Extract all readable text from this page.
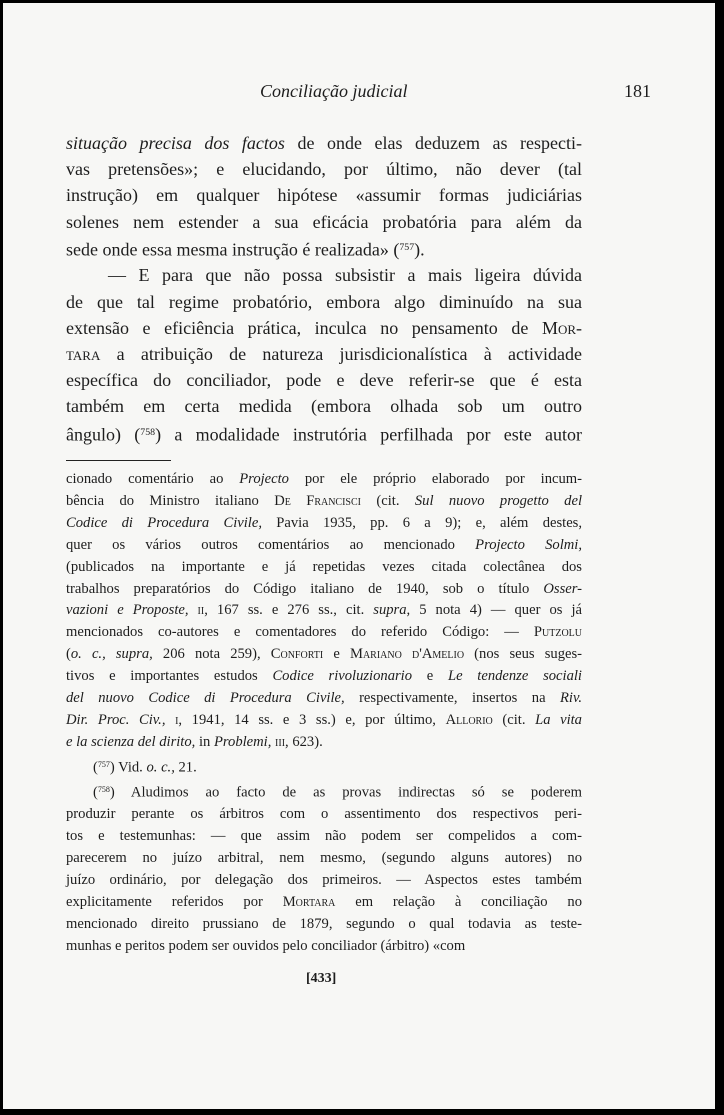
Conciliação judicial	181
situação precisa dos factos de onde elas deduzem as respecti-
vas pretensões»; e elucidando, por último, não dever (tal
instrução) em qualquer hipótese «assumir formas judiciárias
solenes nem estender a sua eficácia probatória para além da
sede onde essa mesma instrução é realizada» ($^{757}$).
— E para que não possa subsistir a mais ligeira dúvida
de que tal regime probatório, embora algo diminuído na sua
extensão e eficiência prática, inculca no pensamento de Mor-
tara a atribuição de natureza jurisdicionalística à actividade
específica do conciliador, pode e deve referir-se que é esta
também em certa medida (embora olhada sob um outro
ângulo) ($^{758}$) a modalidade instrutória perfilhada por este autor
cionado comentário ao Projecto por ele próprio elaborado por incum-
bência do Ministro italiano De Francisci (cit. Sul nuovo progetto del
Codice di Procedura Civile, Pavia 1935, pp. 6 a 9); e, além destes,
quer os vários outros comentários ao mencionado Projecto Solmi,
(publicados na importante e já repetidas vezes citada colectânea dos
trabalhos preparatórios do Código italiano de 1940, sob o título Osser-
vazioni e Proposte, ii, 167 ss. e 276 ss., cit. supra, 5 nota 4) — quer os já
mencionados co-autores e comentadores do referido Código: — Putzolu
(o. c., supra, 206 nota 259), Conforti e Mariano d'Amelio (nos seus suges-
tivos e importantes estudos Codice rivoluzionario e Le tendenze sociali
del nuovo Codice di Procedura Civile, respectivamente, insertos na Riv.
Dir. Proc. Civ., i, 1941, 14 ss. e 3 ss.) e, por último, Allorio (cit. La vita
e la scienza del dirito, in Problemi, iii, 623).
($^{757}$) Vid. o. c., 21.
($^{758}$) Aludimos ao facto de as provas indirectas só se poderem
produzir perante os árbitros com o assentimento dos respectivos peri-
tos e testemunhas: — que assim não podem ser compelidos a com-
parecerem no juízo arbitral, nem mesmo, (segundo alguns autores) no
juízo ordinário, por delegação dos primeiros. — Aspectos estes também
explicitamente referidos por Mortara em relação à conciliação no
mencionado direito prussiano de 1879, segundo o qual todavia as teste-
munhas e peritos podem ser ouvidos pelo conciliador (árbitro) «com
[433]
